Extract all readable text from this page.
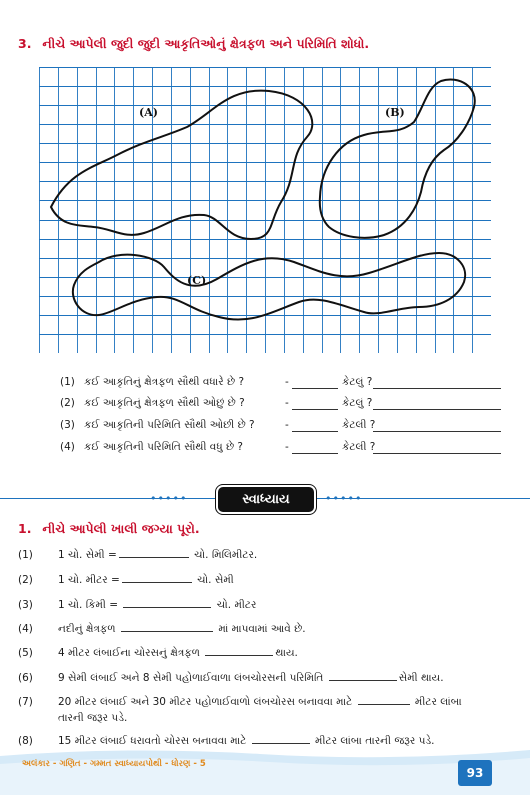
3. નીચે આપેલી જુદી જુદી આકૃતિઓનું ક્ષેત્રફળ અને પરિમિતિ શોધો.
(A)	(B)
(C)
(1) કઈ આકૃતિનું ક્ષેત્રફળ સૌથી વધારે છે ?	-	કેટલું ?
(2) કઈ આકૃતિનું ક્ષેત્રફળ સૌથી ઓછું છે ?	-	કેટલું ?
(3) કઈ આકૃતિની પરિમિતિ સૌથી ઓછી છે ?	-	કેટલી ?
(4) કઈ આકૃતિની પરિમિતિ સૌથી વધુ છે ?	-	કેટલી ?
•••••	•••••
સ્વાધ્યાય
1. નીચે આપેલી ખાલી જગ્યા પૂરો.
(1) 1 ચો. સેમી =	ચો. મિલિમીટર.
(2) 1 ચો. મીટર =	ચો. સેમી
(3) 1 ચો. કિમી =	ચો. મીટર
(4) નદીનું ક્ષેત્રફળ	માં માપવામાં આવે છે.
(5) 4 મીટર લંબાઈના ચોરસનું ક્ષેત્રફળ	થાય.
(6) 9 સેમી લંબાઈ અને 8 સેમી પહોળાઈવાળા લંબચોરસની પરિમિતિ	સેમી થાય.
(7) 20 મીટર લંબાઈ અને 30 મીટર પહોળાઈવાળો લંબચોરસ બનાવવા માટે	મીટર લાંબા
તારની જરૂર પડે.
(8) 15 મીટર લંબાઈ ધરાવતો ચોરસ બનાવવા માટે	મીટર લાંબા તારની જરૂર પડે.
અલંકાર - ગણિત - ગમ્મત સ્વાધ્યાયપોથી - ધોરણ - 5
93
